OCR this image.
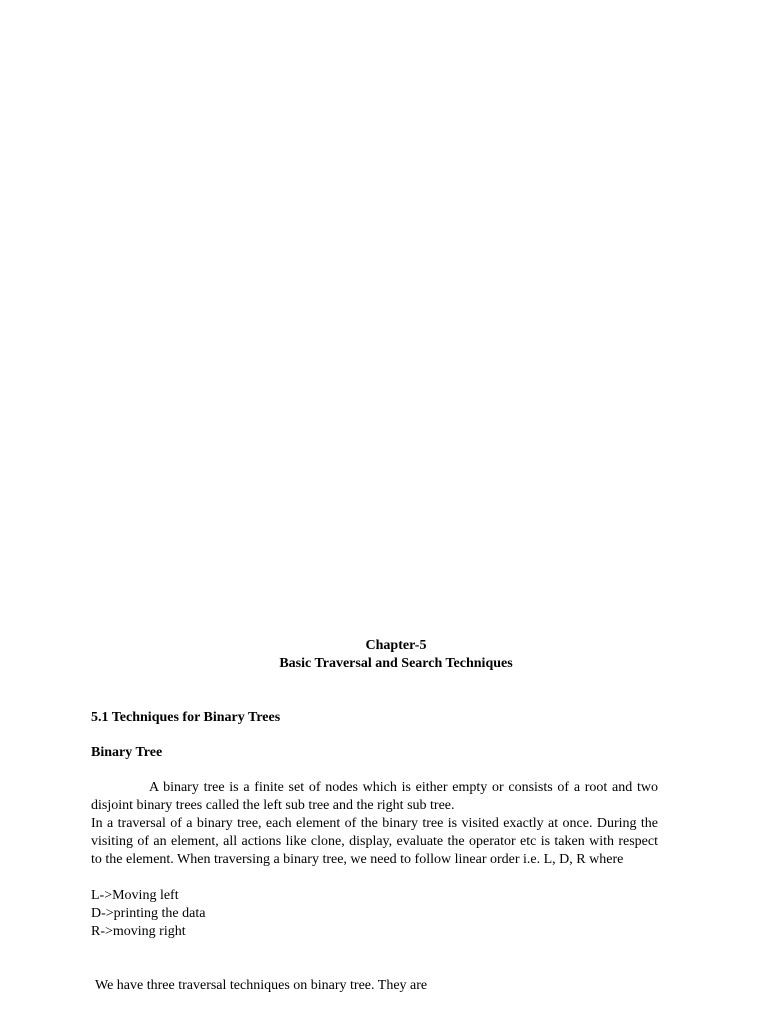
Chapter-5
Basic Traversal and Search Techniques
5.1 Techniques for Binary Trees
Binary Tree
A binary tree is a finite set of nodes which is either empty or consists of a root and two disjoint binary trees called the left sub tree and the right sub tree.
In a traversal of a binary tree, each element of the binary tree is visited exactly at once. During the visiting of an element, all actions like clone, display, evaluate the operator etc is taken with respect to the element. When traversing a binary tree, we need to follow linear order i.e. L, D, R where
L->Moving left
D->printing the data
R->moving right
We have three traversal techniques on binary tree. They are
